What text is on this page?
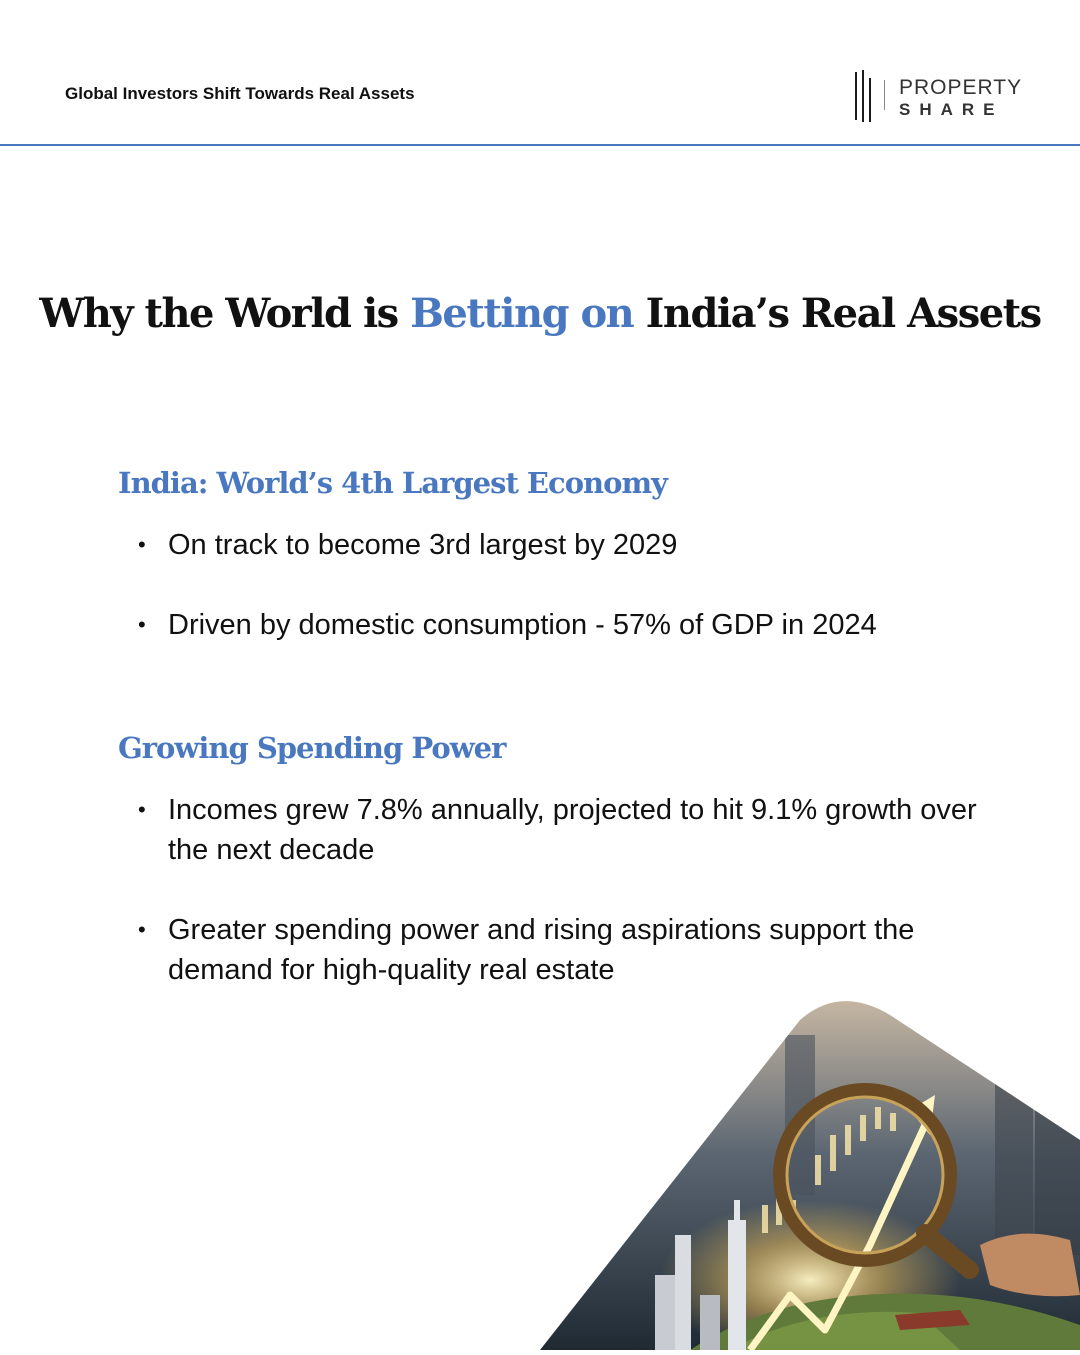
Global Investors Shift Towards Real Assets	PROPERTY
SHARE
Why the World is Betting on India’s Real Assets
India: World’s 4th Largest Economy
• On track to become 3rd largest by 2029
• Driven by domestic consumption - 57% of GDP in 2024
Growing Spending Power
• Incomes grew 7.8% annually, projected to hit 9.1% growth over the next decade
• Greater spending power and rising aspirations support the demand for high-quality real estate
